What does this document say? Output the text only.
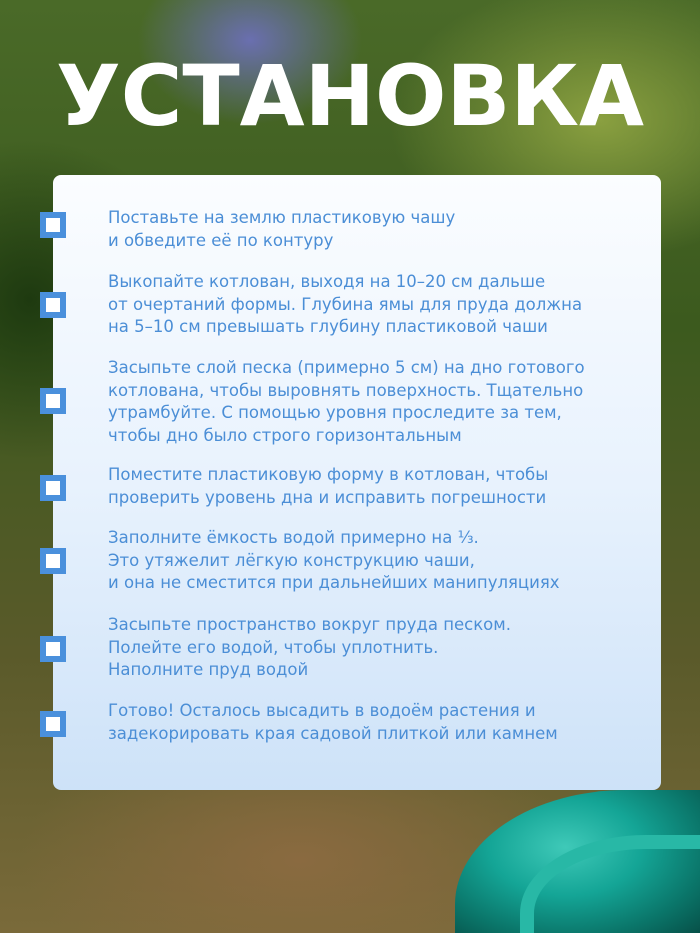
УСТАНОВКА
Поставьте на землю пластиковую чашу
и обведите её по контуру
Выкопайте котлован, выходя на 10–20 см дальше
от очертаний формы. Глубина ямы для пруда должна
на 5–10 см превышать глубину пластиковой чаши
Засыпьте слой песка (примерно 5 см) на дно готового
котлована, чтобы выровнять поверхность. Тщательно
утрамбуйте. С помощью уровня проследите за тем,
чтобы дно было строго горизонтальным
Поместите пластиковую форму в котлован, чтобы
проверить уровень дна и исправить погрешности
Заполните ёмкость водой примерно на ⅓.
Это утяжелит лёгкую конструкцию чаши,
и она не сместится при дальнейших манипуляциях
Засыпьте пространство вокруг пруда песком.
Полейте его водой, чтобы уплотнить.
Наполните пруд водой
Готово! Осталось высадить в водоём растения и
задекорировать края садовой плиткой или камнем
